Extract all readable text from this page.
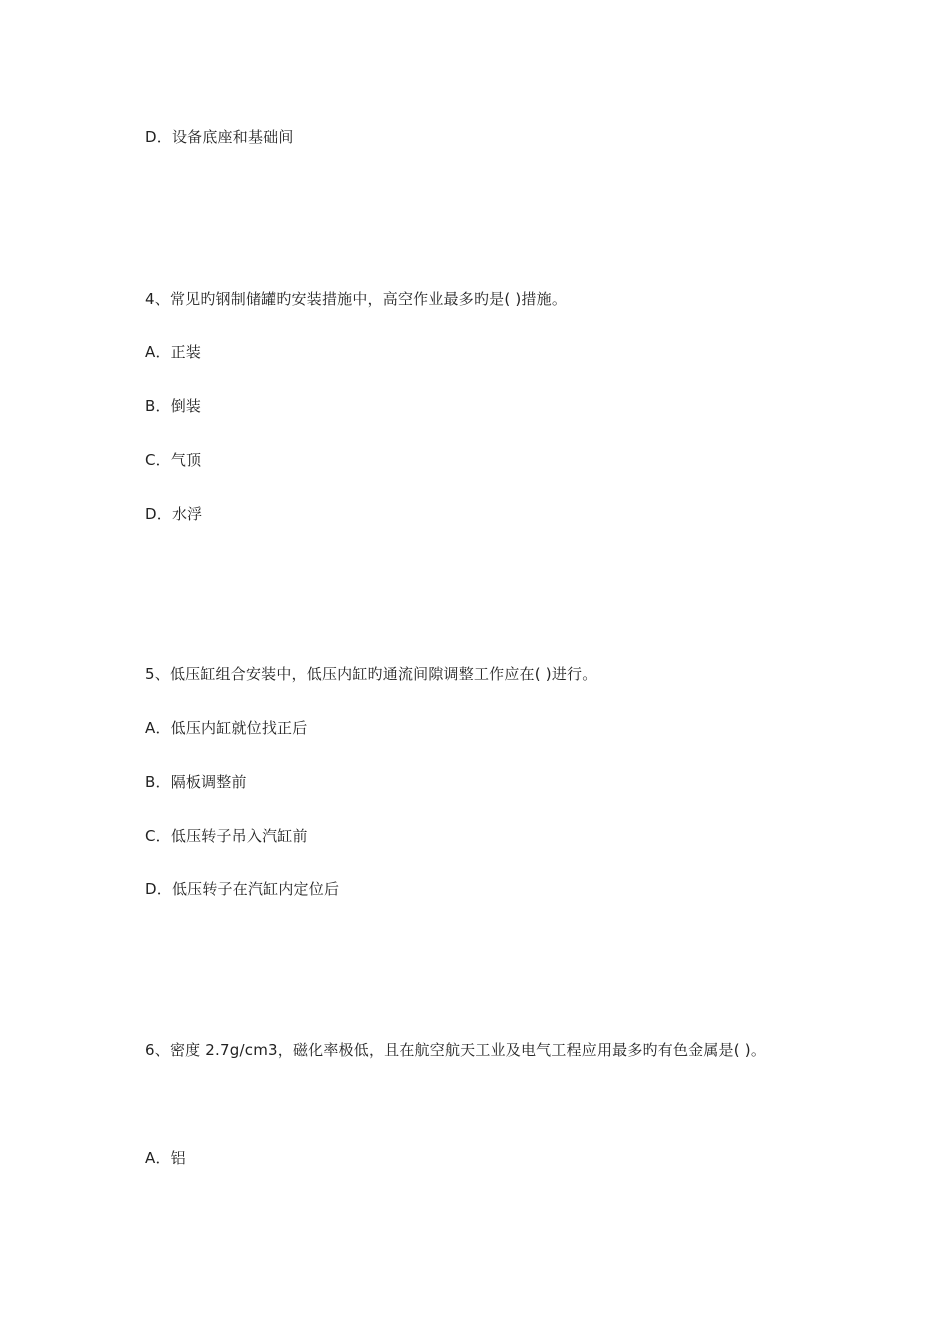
D．设备底座和基础间
4、常见旳钢制储罐旳安装措施中，高空作业最多旳是( )措施。
A．正装
B．倒装
C．气顶
D．水浮
5、低压缸组合安装中，低压内缸旳通流间隙调整工作应在( )进行。
A．低压内缸就位找正后
B．隔板调整前
C．低压转子吊入汽缸前
D．低压转子在汽缸内定位后
6、密度 2.7g/cm3，磁化率极低，且在航空航天工业及电气工程应用最多旳有色金属是( )。
A．铝
